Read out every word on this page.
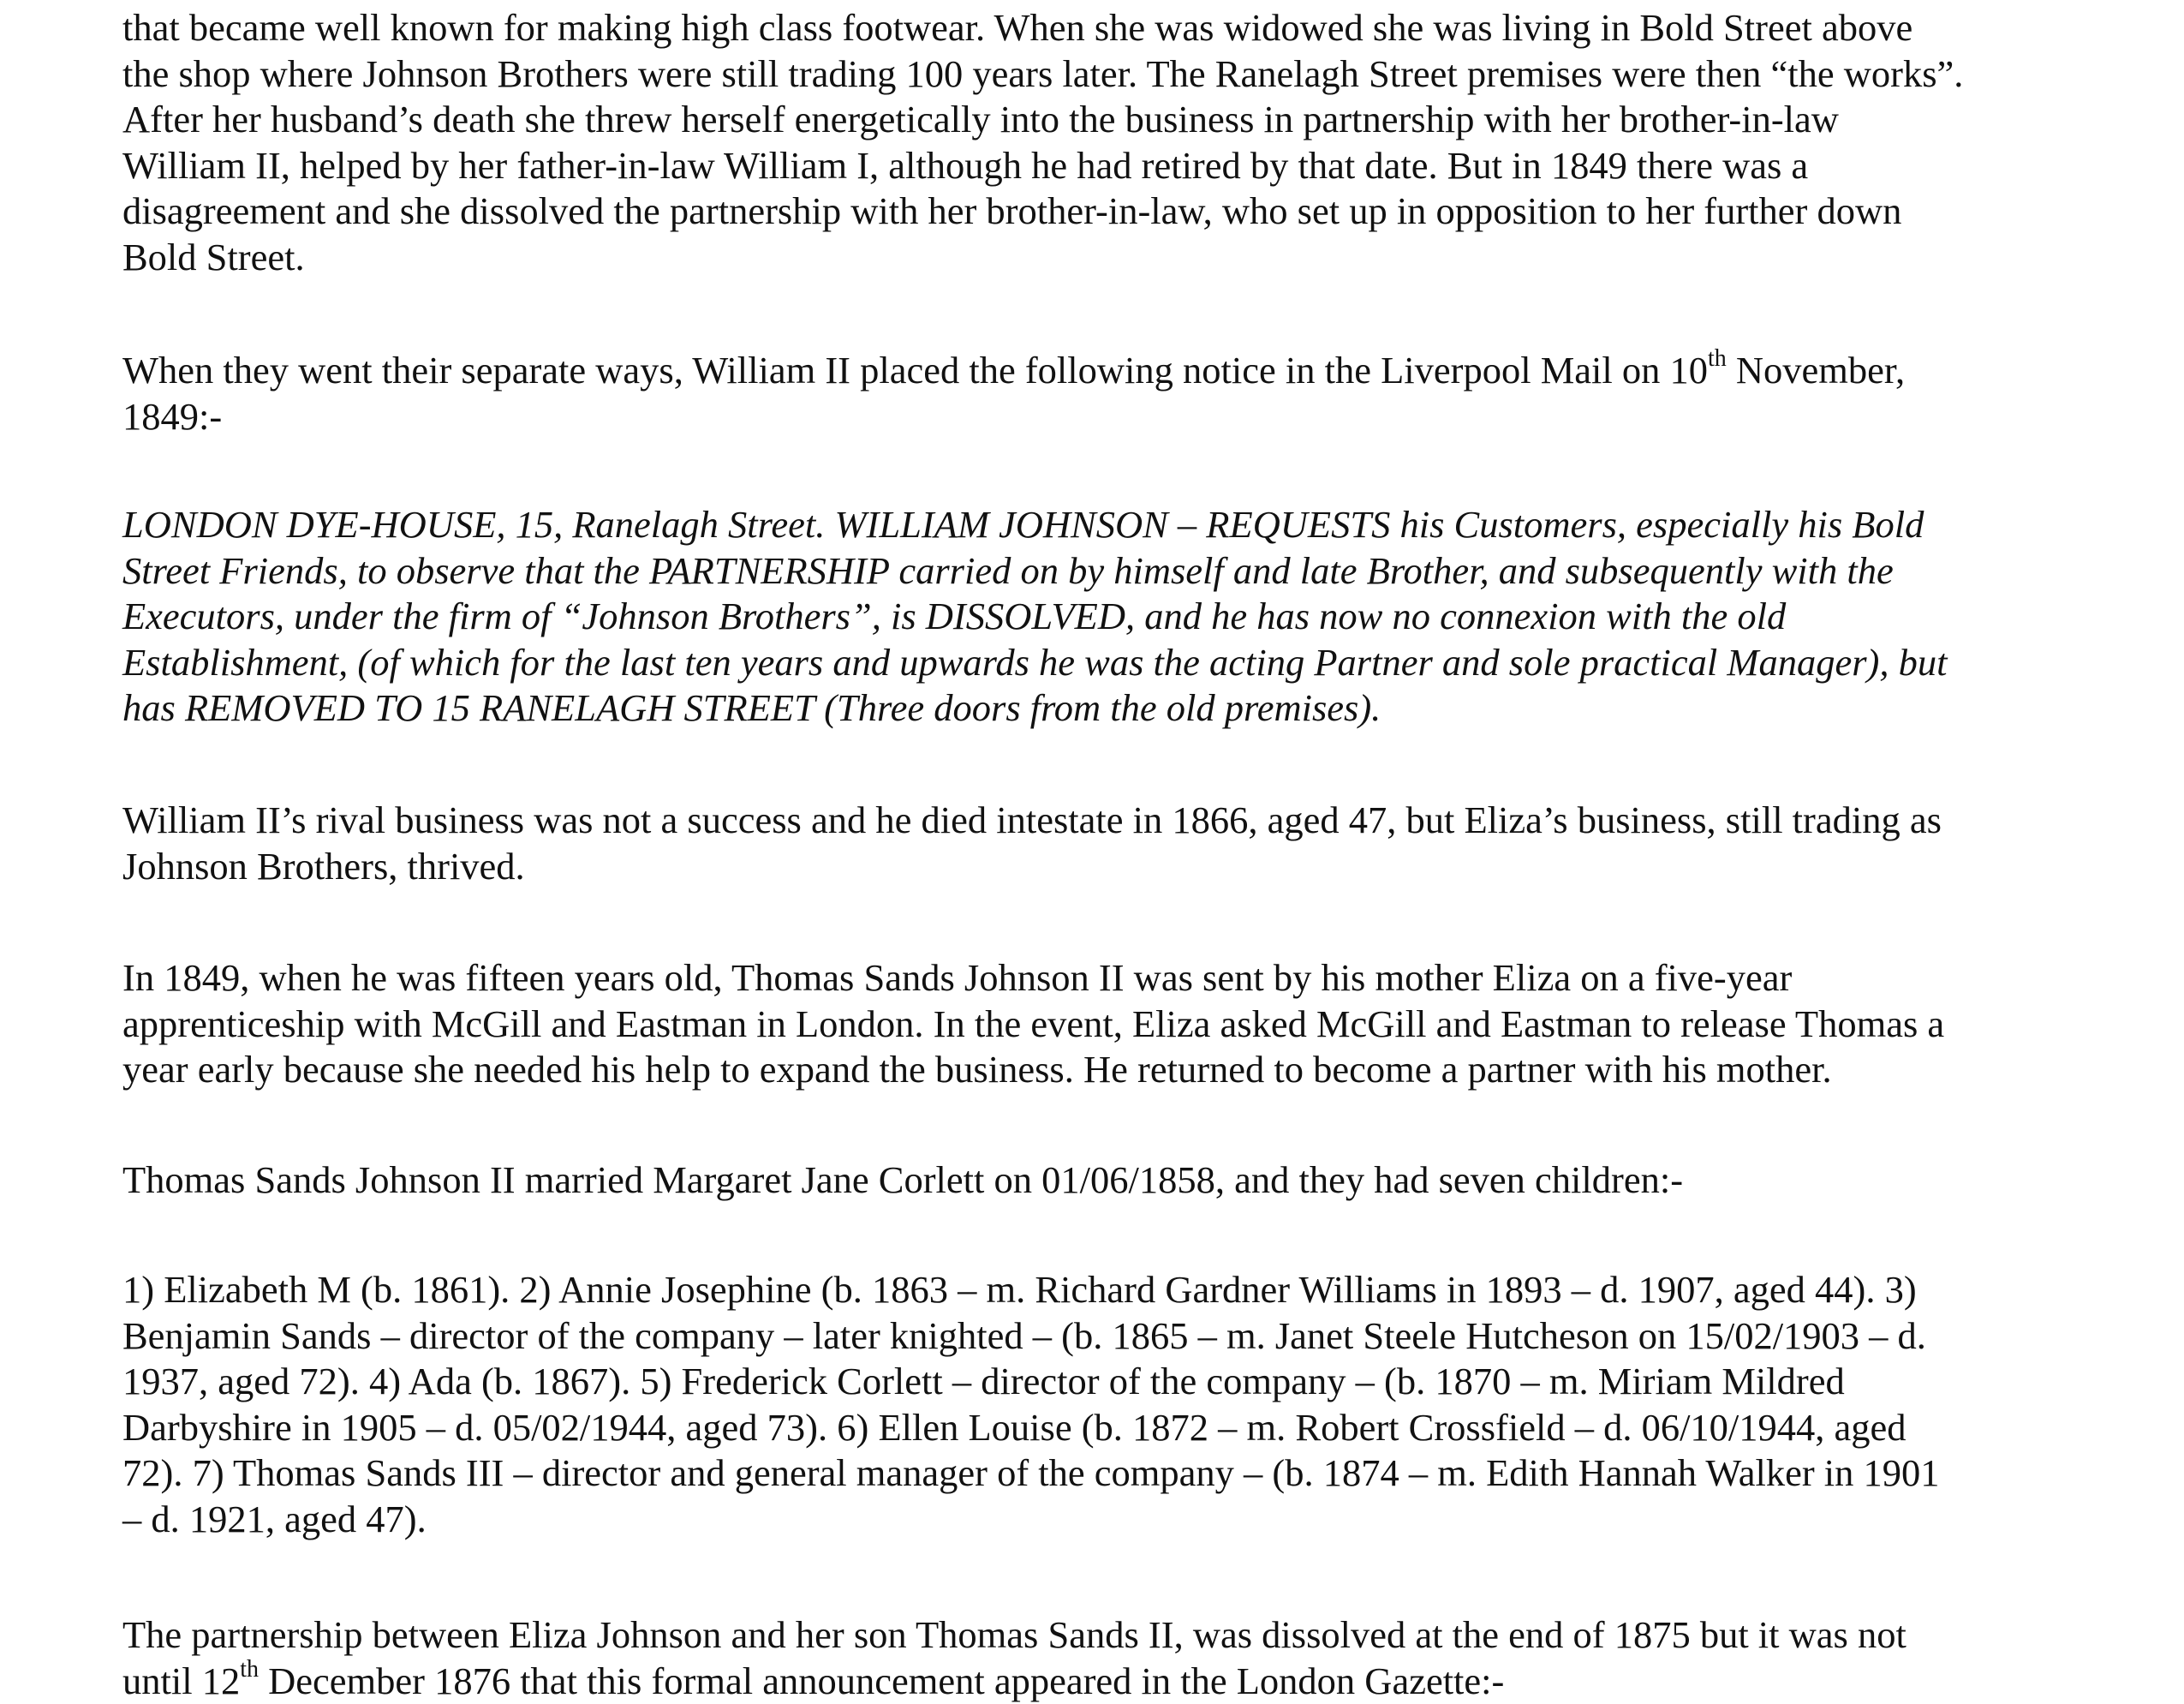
that became well known for making high class footwear. When she was widowed she was living in Bold Street above
the shop where Johnson Brothers were still trading 100 years later. The Ranelagh Street premises were then “the works”.
After her husband’s death she threw herself energetically into the business in partnership with her brother-in-law
William II, helped by her father-in-law William I, although he had retired by that date. But in 1849 there was a
disagreement and she dissolved the partnership with her brother-in-law, who set up in opposition to her further down
Bold Street.

When they went their separate ways, William II placed the following notice in the Liverpool Mail on 10th November,
1849:-

LONDON DYE-HOUSE, 15, Ranelagh Street. WILLIAM JOHNSON – REQUESTS his Customers, especially his Bold
Street Friends, to observe that the PARTNERSHIP carried on by himself and late Brother, and subsequently with the
Executors, under the firm of “Johnson Brothers”, is DISSOLVED, and he has now no connexion with the old
Establishment, (of which for the last ten years and upwards he was the acting Partner and sole practical Manager), but
has REMOVED TO 15 RANELAGH STREET (Three doors from the old premises).

William II’s rival business was not a success and he died intestate in 1866, aged 47, but Eliza’s business, still trading as
Johnson Brothers, thrived.

In 1849, when he was fifteen years old, Thomas Sands Johnson II was sent by his mother Eliza on a five-year
apprenticeship with McGill and Eastman in London. In the event, Eliza asked McGill and Eastman to release Thomas a
year early because she needed his help to expand the business. He returned to become a partner with his mother.

Thomas Sands Johnson II married Margaret Jane Corlett on 01/06/1858, and they had seven children:-

1) Elizabeth M (b. 1861). 2) Annie Josephine (b. 1863 – m. Richard Gardner Williams in 1893 – d. 1907, aged 44). 3)
Benjamin Sands – director of the company – later knighted – (b. 1865 – m. Janet Steele Hutcheson on 15/02/1903 – d.
1937, aged 72). 4) Ada (b. 1867). 5) Frederick Corlett – director of the company – (b. 1870 – m. Miriam Mildred
Darbyshire in 1905 – d. 05/02/1944, aged 73). 6) Ellen Louise (b. 1872 – m. Robert Crossfield – d. 06/10/1944, aged
72). 7) Thomas Sands III – director and general manager of the company – (b. 1874 – m. Edith Hannah Walker in 1901
– d. 1921, aged 47).

The partnership between Eliza Johnson and her son Thomas Sands II, was dissolved at the end of 1875 but it was not
until 12th December 1876 that this formal announcement appeared in the London Gazette:-
